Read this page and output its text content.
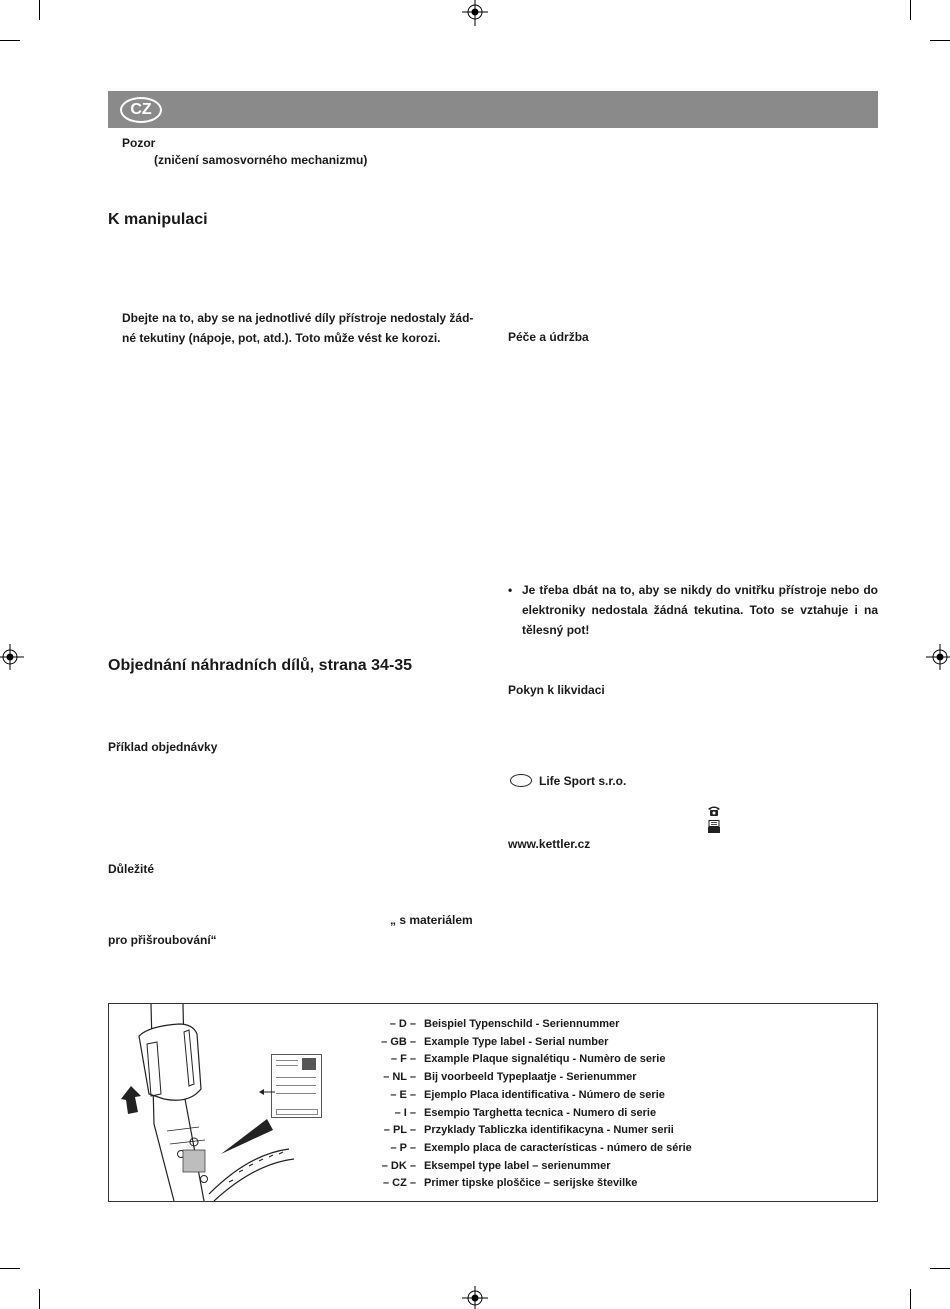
CZ
Pozor
(zničení samosvorného mechanizmu)
K manipulaci
Dbejte na to, aby se na jednotlivé díly přístroje nedostaly žád-
né tekutiny (nápoje, pot, atd.). Toto může vést ke korozi.
Objednání náhradních dílů, strana 34-35
Příklad objednávky
Důležité
„ s materiálem
pro přišroubování“
Péče a údržba
• Je třeba dbát na to, aby se nikdy do vnitřku přístroje nebo do
elektroniky nedostala žádná tekutina. Toto se vztahuje i na
tělesný pot!
Pokyn k likvidaci
Life Sport s.r.o.
www.kettler.cz
– D – Beispiel Typenschild - Seriennummer
– GB – Example Type label - Serial number
– F – Example Plaque signalétiqu - Numèro de serie
– NL – Bij voorbeeld Typeplaatje - Serienummer
– E – Ejemplo Placa identificativa - Número de serie
– I – Esempio Targhetta tecnica - Numero di serie
– PL – Przyklady Tabliczka identifikacyna - Numer serii
– P – Exemplo placa de características - número de série
– DK – Eksempel type label – serienummer
– CZ – Primer tipske ploščice – serijske številke
